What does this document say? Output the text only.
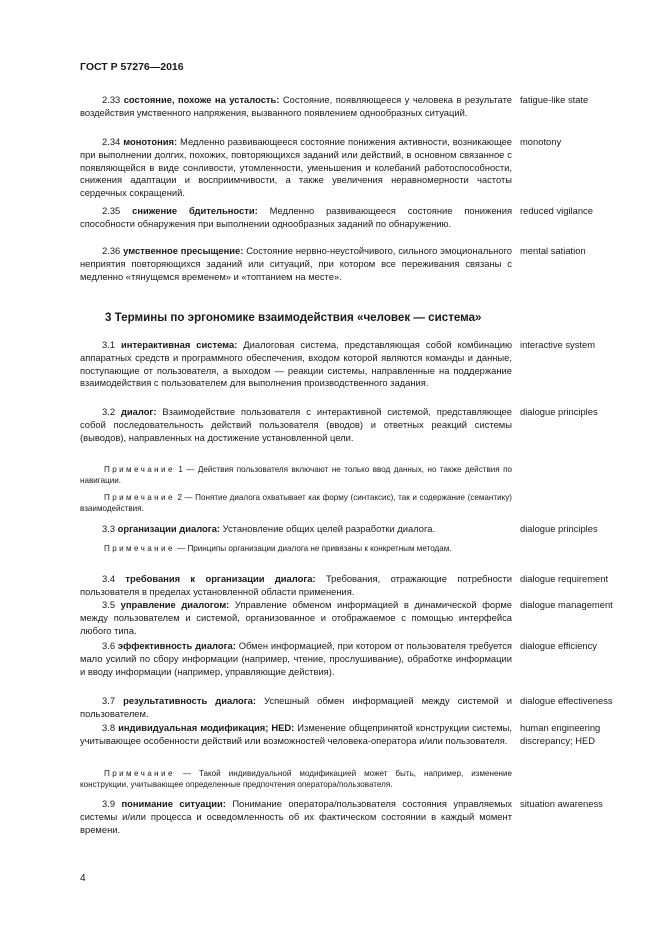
ГОСТ Р 57276—2016
2.33 состояние, похоже на усталость: Состояние, появляющееся у человека в результате воздействия умственного напряжения, вызванного появлением однообразных ситуаций.
fatigue-like state
2.34 монотония: Медленно развивающееся состояние понижения активности, возникающее при выполнении долгих, похожих, повторяющихся заданий или действий, в основном связанное с появляющейся в виде сонливости, утомленности, уменьшения и колебаний работоспособности, снижения адаптации и восприимчивости, а также увеличения неравномерности частоты сердечных сокращений.
monotony
2.35 снижение бдительности: Медленно развивающееся состояние понижения способности обнаружения при выполнении однообразных заданий по обнаружению.
reduced vigilance
2.36 умственное пресыщение: Состояние нервно-неустойчивого, сильного эмоционального неприятия повторяющихся заданий или ситуаций, при котором все переживания связаны с медленно «тянущемся временем» и «топтанием на месте».
mental satiation
3 Термины по эргономике взаимодействия «человек — система»
3.1 интерактивная система: Диалоговая система, представляющая собой комбинацию аппаратных средств и программного обеспечения, входом которой являются команды и данные, поступающие от пользователя, а выходом — реакции системы, направленные на поддержание взаимодействия с пользователем для выполнения производственного задания.
interactive system
3.2 диалог: Взаимодействие пользователя с интерактивной системой, представляющее собой последовательность действий пользователя (вводов) и ответных реакций системы (выводов), направленных на достижение установленной цели.
dialogue principles
Примечание 1 — Действия пользователя включают не только ввод данных, но также действия по навигации.
Примечание 2 — Понятие диалога охватывает как форму (синтаксис), так и содержание (семантику) взаимодействия.
3.3 организации диалога: Установление общих целей разработки диалога.	dialogue principles
Примечание — Принципы организации диалога не привязаны к конкретным методам.
3.4 требования к организации диалога: Требования, отражающие потребности пользователя в пределах установленной области применения.
dialogue requirement
3.5 управление диалогом: Управление обменом информацией в динамической форме между пользователем и системой, организованное и отображаемое с помощью интерфейса любого типа.
dialogue management
3.6 эффективность диалога: Обмен информацией, при котором от пользователя требуется мало усилий по сбору информации (например, чтение, прослушивание), обработке информации и вводу информации (например, управляющие действия).
dialogue efficiency
3.7 результативность диалога: Успешный обмен информацией между системой и пользователем.
dialogue effectiveness
3.8 индивидуальная модификация; HED: Изменение общепринятой конструкции системы, учитывающее особенности действий или возможностей человека-оператора и/или пользователя.
human engineering discrepancy; HED
Примечание — Такой индивидуальной модификацией может быть, например, изменение конструкции, учитывающее определенные предпочтения оператора/пользователя.
3.9 понимание ситуации: Понимание оператора/пользователя состояния управляемых системы и/или процесса и осведомленность об их фактическом состоянии в каждый момент времени.
situation awareness
4
